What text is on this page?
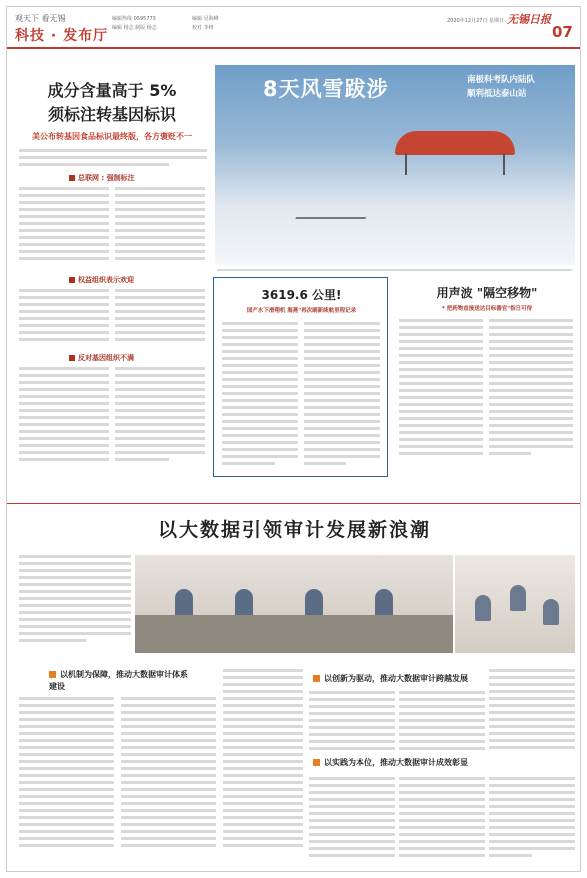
观天下 看无锡
科技 · 发布厅
编辑热线 0595773
编辑 杨志 制版 杨志
编辑 吴海峰
校对 李格
2020年12月27日 星期日 无锡日报
07
成分含量高于 5%
须标注转基因标识
美公布转基因食品标识最终版，各方褒贬不一
总联网 : 强制标注
权益组织表示欢迎
反对基因组织不满
8天风雪跋涉	南极科考队内陆队
顺利抵达泰山站
3619.6 公里!
国产水下滑翔机 海燕"再次刷新续航里程记录
用声波 "隔空移物"
* 把药物直接送达目标器官"指日可待
以大数据引领审计发展新浪潮
以机制为保障，推动大数据审计体系建设
以创新为驱动，推动大数据审计跨越发展
以实践为本位，推动大数据审计成效彰显
